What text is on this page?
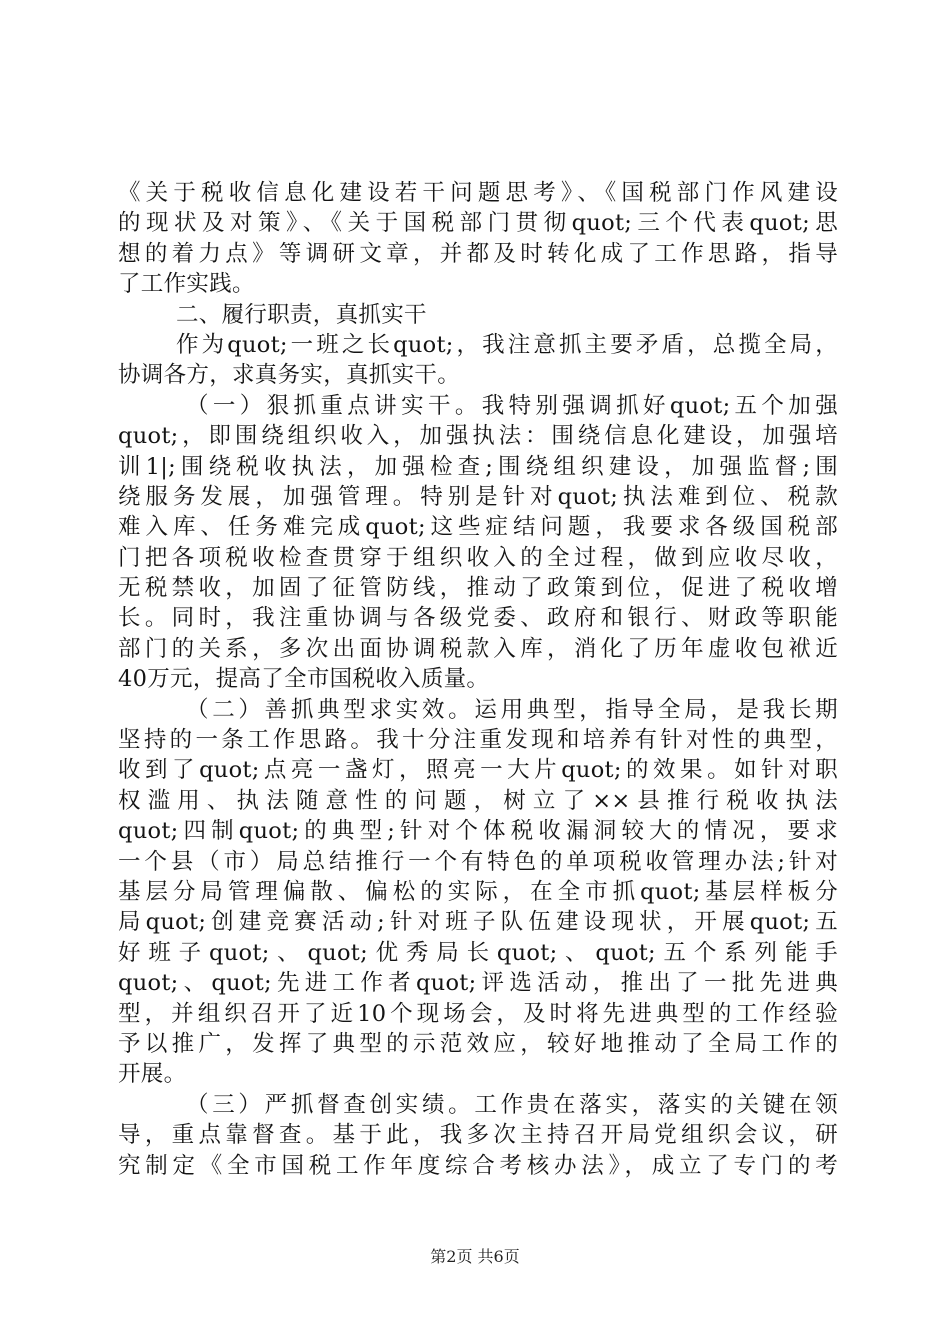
《关于税收信息化建设若干问题思考》、《国税部门作风建设
的现状及对策》、《关于国税部门贯彻quot;三个代表quot;思
想的着力点》等调研文章，并都及时转化成了工作思路，指导
了工作实践。
二、履行职责，真抓实干
作为quot;一班之长quot;，我注意抓主要矛盾，总揽全局，
协调各方，求真务实，真抓实干。
（一）狠抓重点讲实干。我特别强调抓好quot;五个加强
quot;，即围绕组织收入，加强执法：围绕信息化建设，加强培
训1|;围绕税收执法，加强检查;围绕组织建设，加强监督;围
绕服务发展，加强管理。特别是针对quot;执法难到位、税款
难入库、任务难完成quot;这些症结问题，我要求各级国税部
门把各项税收检查贯穿于组织收入的全过程，做到应收尽收，
无税禁收，加固了征管防线，推动了政策到位，促进了税收增
长。同时，我注重协调与各级党委、政府和银行、财政等职能
部门的关系，多次出面协调税款入库，消化了历年虚收包袱近
40万元，提高了全市国税收入质量。
（二）善抓典型求实效。运用典型，指导全局，是我长期
坚持的一条工作思路。我十分注重发现和培养有针对性的典型，
收到了quot;点亮一盏灯，照亮一大片quot;的效果。如针对职
权滥用、执法随意性的问题，树立了××县推行税收执法
quot;四制quot;的典型;针对个体税收漏洞较大的情况，要求
一个县（市）局总结推行一个有特色的单项税收管理办法;针对
基层分局管理偏散、偏松的实际，在全市抓quot;基层样板分
局quot;创建竞赛活动;针对班子队伍建设现状，开展quot;五
好班子quot;、quot;优秀局长quot;、quot;五个系列能手
quot;、quot;先进工作者quot;评选活动，推出了一批先进典
型，并组织召开了近10个现场会，及时将先进典型的工作经验
予以推广，发挥了典型的示范效应，较好地推动了全局工作的
开展。
（三）严抓督查创实绩。工作贵在落实，落实的关键在领
导，重点靠督查。基于此，我多次主持召开局党组织会议，研
究制定《全市国税工作年度综合考核办法》，成立了专门的考
第2页 共6页
